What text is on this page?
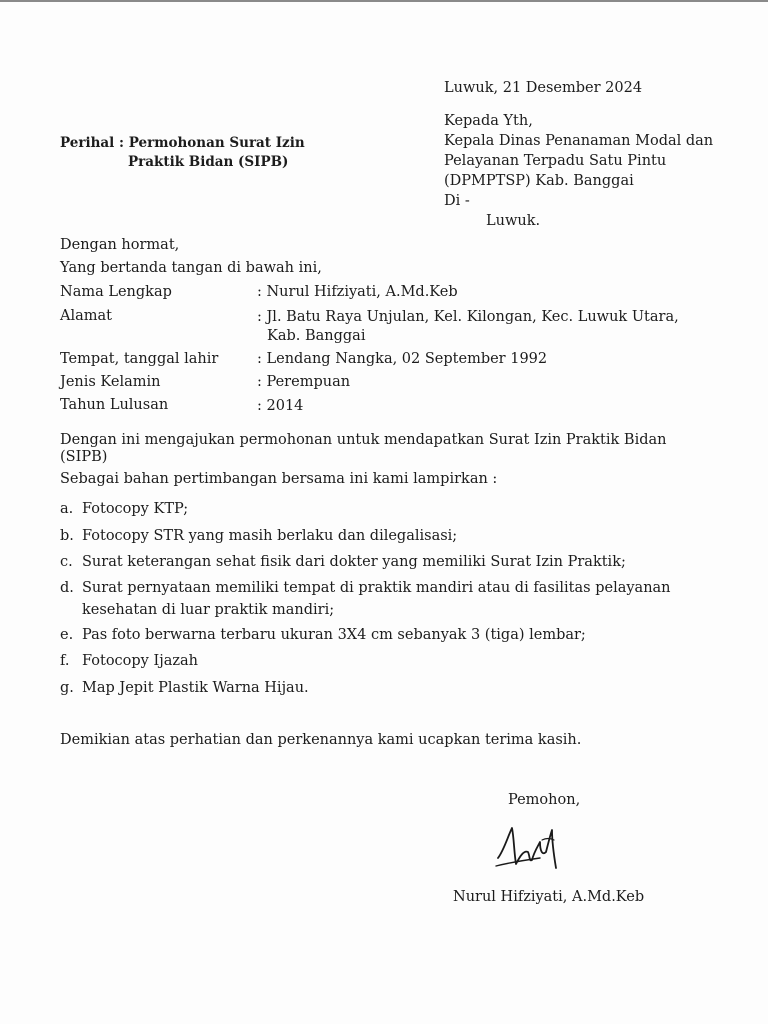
Luwuk, 21 Desember 2024
Kepada Yth,
Kepala Dinas Penanaman Modal dan
Pelayanan Terpadu Satu Pintu
(DPMPTSP) Kab. Banggai
Di -
Luwuk.
Perihal : Permohonan Surat Izin
Praktik Bidan (SIPB)
Dengan hormat,
Yang bertanda tangan di bawah ini,
Nama Lengkap	: Nurul Hifziyati, A.Md.Keb
Alamat	: Jl. Batu Raya Unjulan, Kel. Kilongan, Kec. Luwuk Utara,
Kab. Banggai
Tempat, tanggal lahir	: Lendang Nangka, 02 September 1992
Jenis Kelamin	: Perempuan
Tahun Lulusan	: 2014
Dengan ini mengajukan permohonan untuk mendapatkan Surat Izin Praktik Bidan
(SIPB)
Sebagai bahan pertimbangan bersama ini kami lampirkan :
a. Fotocopy KTP;
b. Fotocopy STR yang masih berlaku dan dilegalisasi;
c. Surat keterangan sehat fisik dari dokter yang memiliki Surat Izin Praktik;
d. Surat pernyataan memiliki tempat di praktik mandiri atau di fasilitas pelayanan
kesehatan di luar praktik mandiri;
e. Pas foto berwarna terbaru ukuran 3X4 cm sebanyak 3 (tiga) lembar;
f. Fotocopy Ijazah
g. Map Jepit Plastik Warna Hijau.
Demikian atas perhatian dan perkenannya kami ucapkan terima kasih.
Pemohon,
Nurul Hifziyati, A.Md.Keb
